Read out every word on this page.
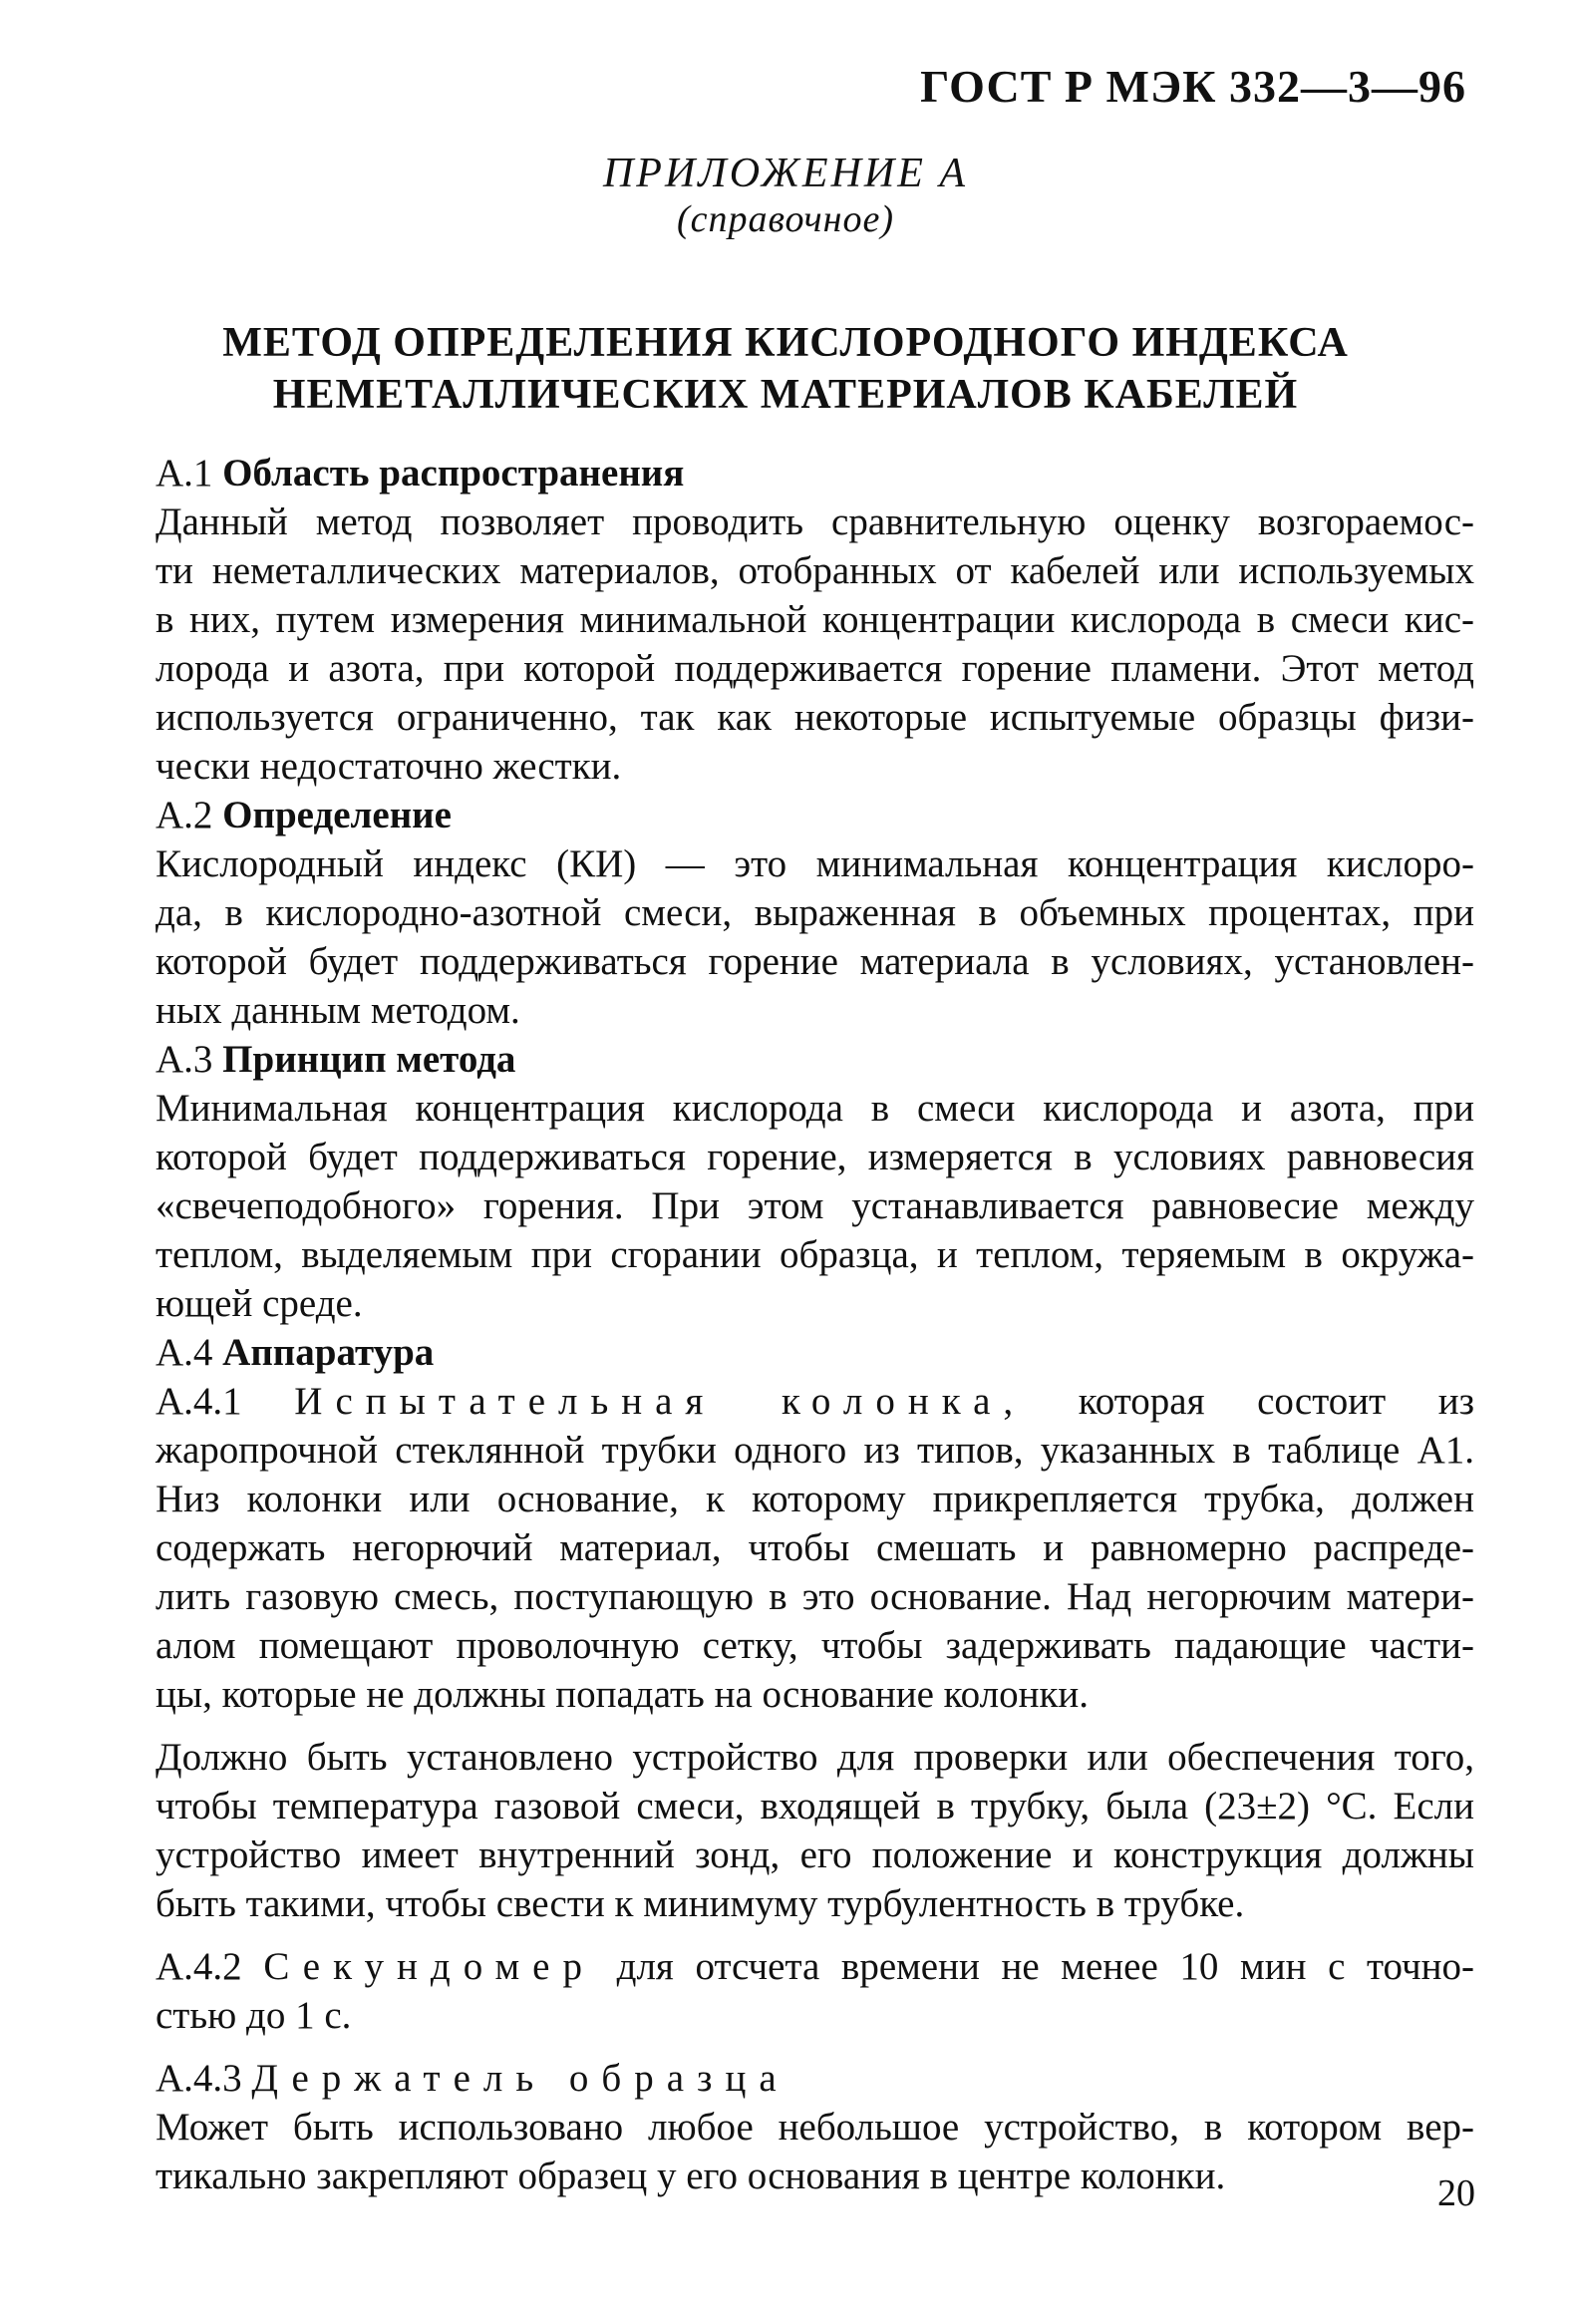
ГОСТ Р МЭК 332—3—96
ПРИЛОЖЕНИЕ А
(справочное)
МЕТОД ОПРЕДЕЛЕНИЯ КИСЛОРОДНОГО ИНДЕКСА
НЕМЕТАЛЛИЧЕСКИХ МАТЕРИАЛОВ КАБЕЛЕЙ

А.1 Область распространения

Данный метод позволяет проводить сравнительную оценку возгораемос-
ти неметаллических материалов, отобранных от кабелей или используемых
в них, путем измерения минимальной концентрации кислорода в смеси кис-
лорода и азота, при которой поддерживается горение пламени. Этот метод
используется ограниченно, так как некоторые испытуемые образцы физи-
чески недостаточно жестки.

А.2 Определение

Кислородный индекс (КИ) — это минимальная концентрация кислоро-
да, в кислородно-азотной смеси, выраженная в объемных процентах, при
которой будет поддерживаться горение материала в условиях, установлен-
ных данным методом.

А.3 Принцип метода

Минимальная концентрация кислорода в смеси кислорода и азота, при
которой будет поддерживаться горение, измеряется в условиях равновесия
«свечеподобного» горения. При этом устанавливается равновесие между
теплом, выделяемым при сгорании образца, и теплом, теряемым в окружа-
ющей среде.

А.4 Аппаратура

А.4.1 Испытательная колонка, которая состоит из
жаропрочной стеклянной трубки одного из типов, указанных в таблице А1.
Низ колонки или основание, к которому прикрепляется трубка, должен
содержать негорючий материал, чтобы смешать и равномерно распреде-
лить газовую смесь, поступающую в это основание. Над негорючим матери-
алом помещают проволочную сетку, чтобы задерживать падающие части-
цы, которые не должны попадать на основание колонки.
Должно быть установлено устройство для проверки или обеспечения того,
чтобы температура газовой смеси, входящей в трубку, была (23±2) °С. Если
устройство имеет внутренний зонд, его положение и конструкция должны
быть такими, чтобы свести к минимуму турбулентность в трубке.
А.4.2 Секундомер для отсчета времени не менее 10 мин с точно-
стью до 1 с.
А.4.3 Держатель образца
Может быть использовано любое небольшое устройство, в котором вер-
тикально закрепляют образец у его основания в центре колонки.	20
